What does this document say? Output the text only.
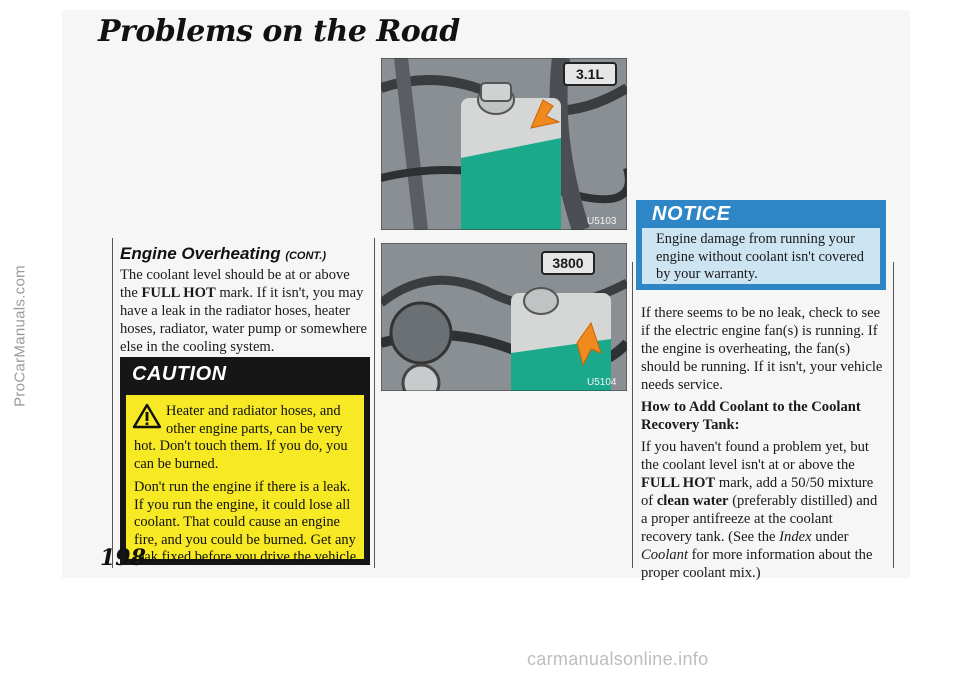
ProCarManuals.com
Problems on the Road
Engine Overheating (CONT.)

The coolant level should be at or above the FULL HOT mark. If it isn't, you may have a leak in the radiator hoses, heater hoses, radiator, water pump or somewhere else in the cooling system.

CAUTION

Heater and radiator hoses, and other engine parts, can be very hot. Don't touch them. If you do, you can be burned.

Don't run the engine if there is a leak. If you run the engine, it could lose all coolant. That could cause an engine fire, and you could be burned. Get any leak fixed before you drive the vehicle.

3.1L
U5103
3800
U5104
NOTICE

Engine damage from running your engine without coolant isn't covered by your warranty.

If there seems to be no leak, check to see if the electric engine fan(s) is running. If the engine is overheating, the fan(s) should be running. If it isn't, your vehicle needs service.

How to Add Coolant to the Coolant Recovery Tank:

If you haven't found a problem yet, but the coolant level isn't at or above the FULL HOT mark, add a 50/50 mixture of clean water (preferably distilled) and a proper antifreeze at the coolant recovery tank. (See the Index under Coolant for more information about the proper coolant mix.)

198

carmanualsonline.info
